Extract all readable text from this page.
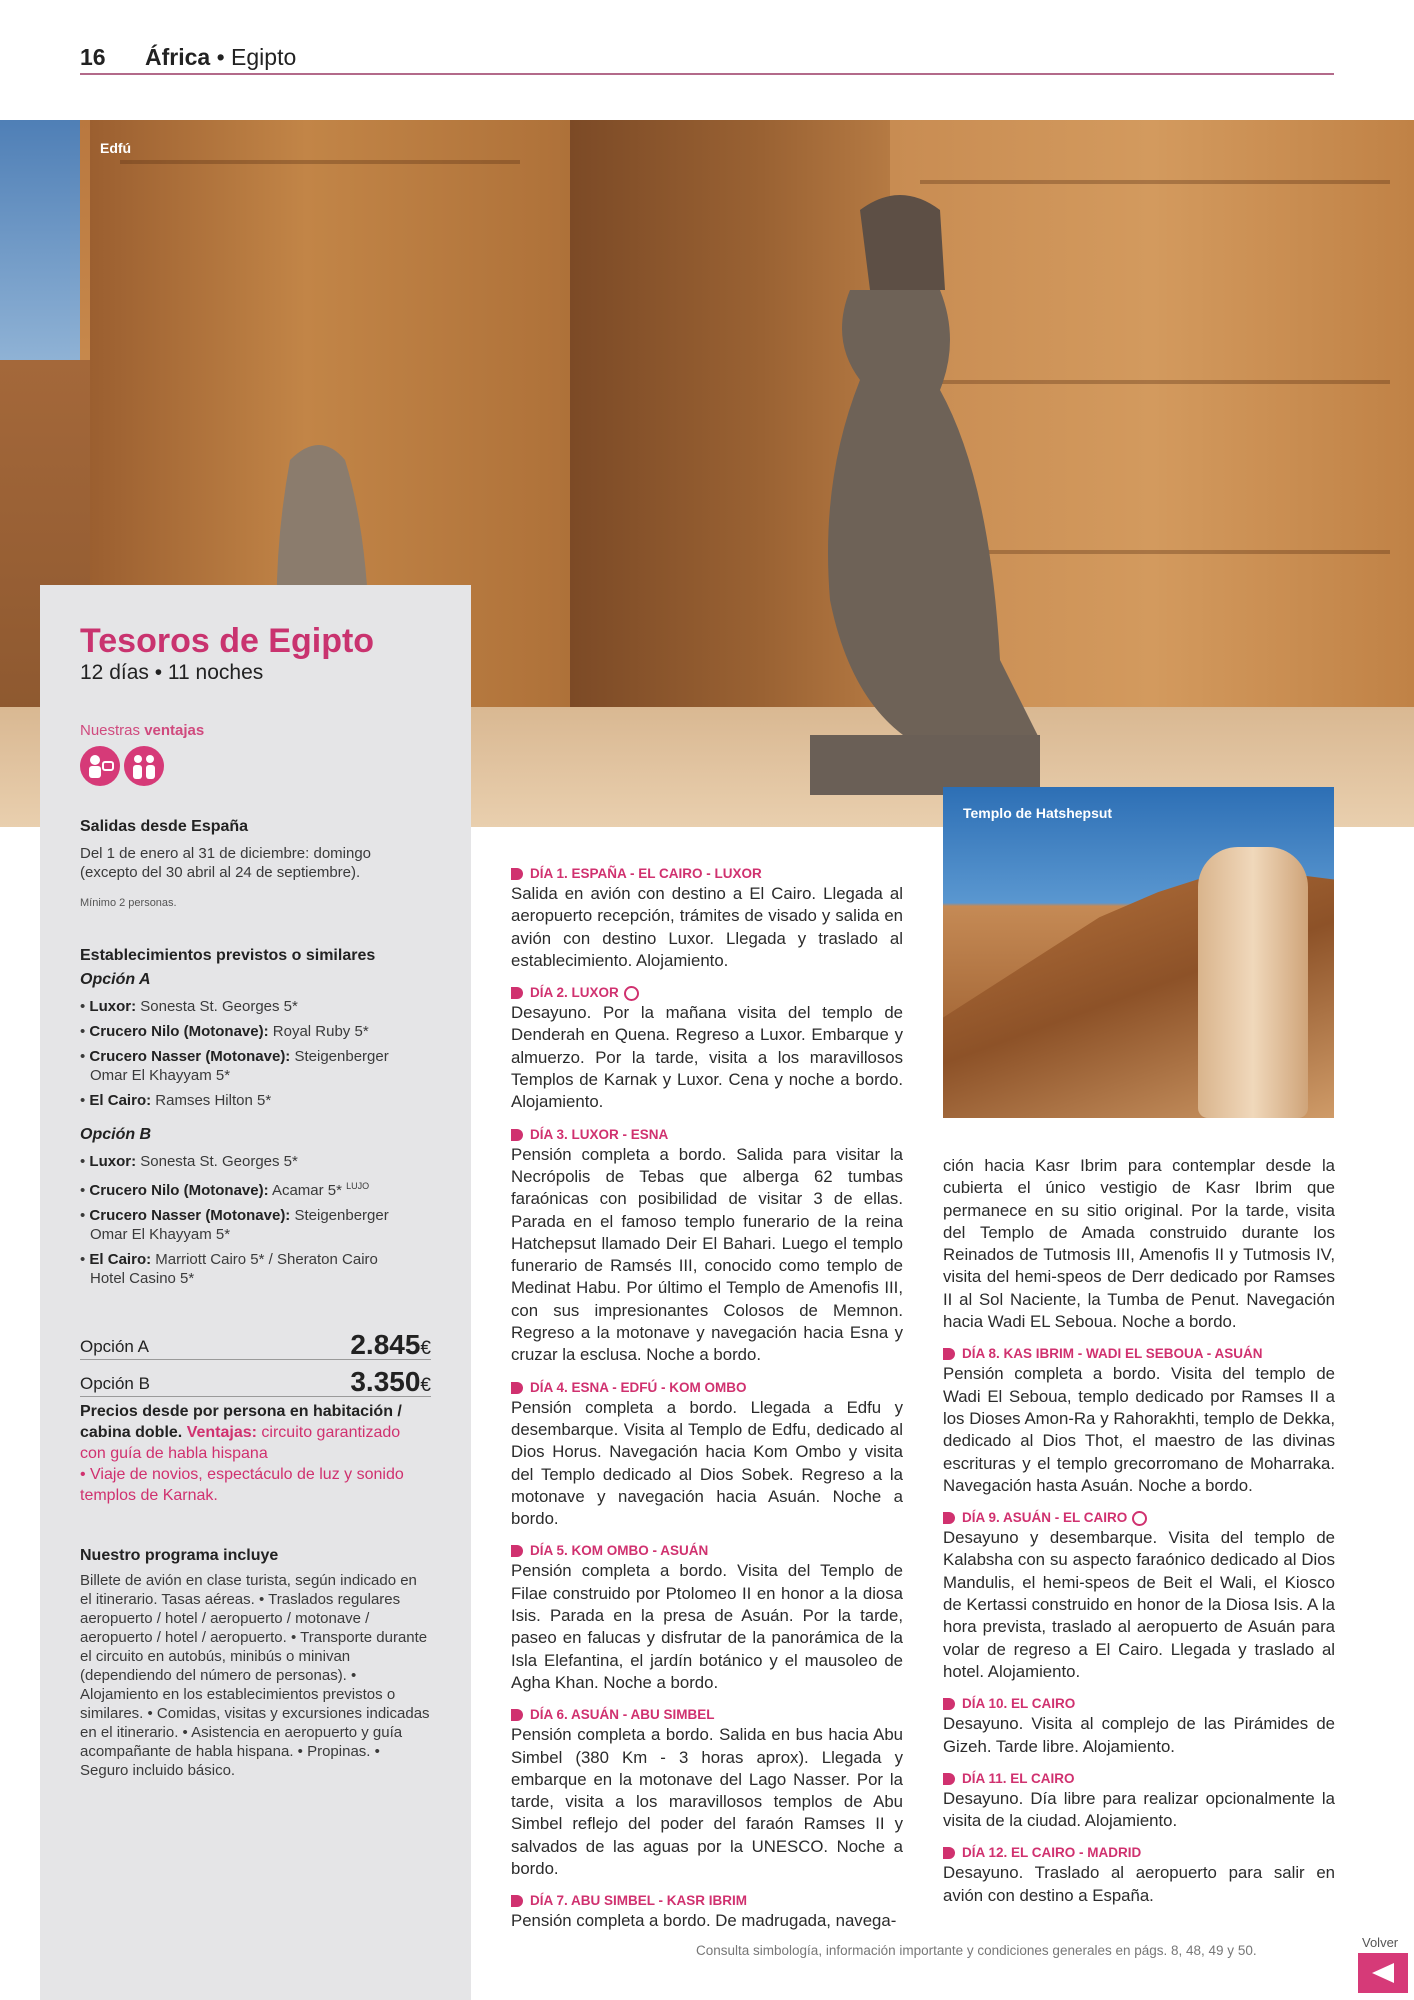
16 África • Egipto
Edfú
Tesoros de Egipto
12 días • 11 noches
Nuestras ventajas
Salidas desde España
Del 1 de enero al 31 de diciembre: domingo (excepto del 30 abril al 24 de septiembre).
Mínimo 2 personas.
Establecimientos previstos o similares
Opción A
• Luxor: Sonesta St. Georges 5*
• Crucero Nilo (Motonave): Royal Ruby 5*
• Crucero Nasser (Motonave): Steigenberger
Omar El Khayyam 5*
• El Cairo: Ramses Hilton 5*
Opción B
• Luxor: Sonesta St. Georges 5*
• Crucero Nilo (Motonave): Acamar 5* $^{LUJO}$
• Crucero Nasser (Motonave): Steigenberger
Omar El Khayyam 5*
• El Cairo: Marriott Cairo 5* / Sheraton Cairo
Hotel Casino 5*
Opción A	2.845€
Opción B	3.350€
Precios desde por persona en habitación / cabina doble. Ventajas: circuito garantizado con guía de habla hispana
• Viaje de novios, espectáculo de luz y sonido templos de Karnak.
Nuestro programa incluye
Billete de avión en clase turista, según indicado en el itinerario. Tasas aéreas. • Traslados regulares aeropuerto / hotel / aeropuerto / motonave / aeropuerto / hotel / aeropuerto. • Transporte durante el circuito en autobús, minibús o minivan (dependiendo del número de personas). • Alojamiento en los establecimientos previstos o similares. • Comidas, visitas y excursiones indicadas en el itinerario. • Asistencia en aeropuerto y guía acompañante de habla hispana. • Propinas. • Seguro incluido básico.
DÍA 1. ESPAÑA - EL CAIRO - LUXOR
Salida en avión con destino a El Cairo. Llegada al aeropuerto recepción, trámites de visado y salida en avión con destino Luxor. Llegada y traslado al establecimiento. Alojamiento.
DÍA 2. LUXOR
Desayuno. Por la mañana visita del templo de Denderah en Quena. Regreso a Luxor. Embarque y almuerzo. Por la tarde, visita a los maravillosos Templos de Karnak y Luxor. Cena y noche a bordo. Alojamiento.
DÍA 3. LUXOR - ESNA
Pensión completa a bordo. Salida para visitar la Necrópolis de Tebas que alberga 62 tumbas faraónicas con posibilidad de visitar 3 de ellas. Parada en el famoso templo funerario de la reina Hatchepsut llamado Deir El Bahari. Luego el templo funerario de Ramsés III, conocido como templo de Medinat Habu. Por último el Templo de Amenofis III, con sus impresionantes Colosos de Memnon. Regreso a la motonave y navegación hacia Esna y cruzar la esclusa. Noche a bordo.
DÍA 4. ESNA - EDFÚ - KOM OMBO
Pensión completa a bordo. Llegada a Edfu y desembarque. Visita al Templo de Edfu, dedicado al Dios Horus. Navegación hacia Kom Ombo y visita del Templo dedicado al Dios Sobek. Regreso a la motonave y navegación hacia Asuán. Noche a bordo.
DÍA 5. KOM OMBO - ASUÁN
Pensión completa a bordo. Visita del Templo de Filae construido por Ptolomeo II en honor a la diosa Isis. Parada en la presa de Asuán. Por la tarde, paseo en falucas y disfrutar de la panorámica de la Isla Elefantina, el jardín botánico y el mausoleo de Agha Khan. Noche a bordo.
DÍA 6. ASUÁN - ABU SIMBEL
Pensión completa a bordo. Salida en bus hacia Abu Simbel (380 Km - 3 horas aprox). Llegada y embarque en la motonave del Lago Nasser. Por la tarde, visita a los maravillosos templos de Abu Simbel reflejo del poder del faraón Ramses II y salvados de las aguas por la UNESCO. Noche a bordo.
DÍA 7. ABU SIMBEL - KASR IBRIM
Pensión completa a bordo. De madrugada, navega-
Templo de Hatshepsut
ción hacia Kasr Ibrim para contemplar desde la cubierta el único vestigio de Kasr Ibrim que permanece en su sitio original. Por la tarde, visita del Templo de Amada construido durante los Reinados de Tutmosis III, Amenofis II y Tutmosis IV, visita del hemi-speos de Derr dedicado por Ramses II al Sol Naciente, la Tumba de Penut. Navegación hacia Wadi EL Seboua. Noche a bordo.
DÍA 8. KAS IBRIM - WADI EL SEBOUA - ASUÁN
Pensión completa a bordo. Visita del templo de Wadi El Seboua, templo dedicado por Ramses II a los Dioses Amon-Ra y Rahorakhti, templo de Dekka, dedicado al Dios Thot, el maestro de las divinas escrituras y el templo grecorromano de Moharraka. Navegación hasta Asuán. Noche a bordo.
DÍA 9. ASUÁN - EL CAIRO
Desayuno y desembarque. Visita del templo de Kalabsha con su aspecto faraónico dedicado al Dios Mandulis, el hemi-speos de Beit el Wali, el Kiosco de Kertassi construido en honor de la Diosa Isis. A la hora prevista, traslado al aeropuerto de Asuán para volar de regreso a El Cairo. Llegada y traslado al hotel. Alojamiento.
DÍA 10. EL CAIRO
Desayuno. Visita al complejo de las Pirámides de Gizeh. Tarde libre. Alojamiento.
DÍA 11. EL CAIRO
Desayuno. Día libre para realizar opcionalmente la visita de la ciudad. Alojamiento.
DÍA 12. EL CAIRO - MADRID
Desayuno. Traslado al aeropuerto para salir en avión con destino a España.
Consulta simbología, información importante y condiciones generales en págs. 8, 48, 49 y 50.
Volver
